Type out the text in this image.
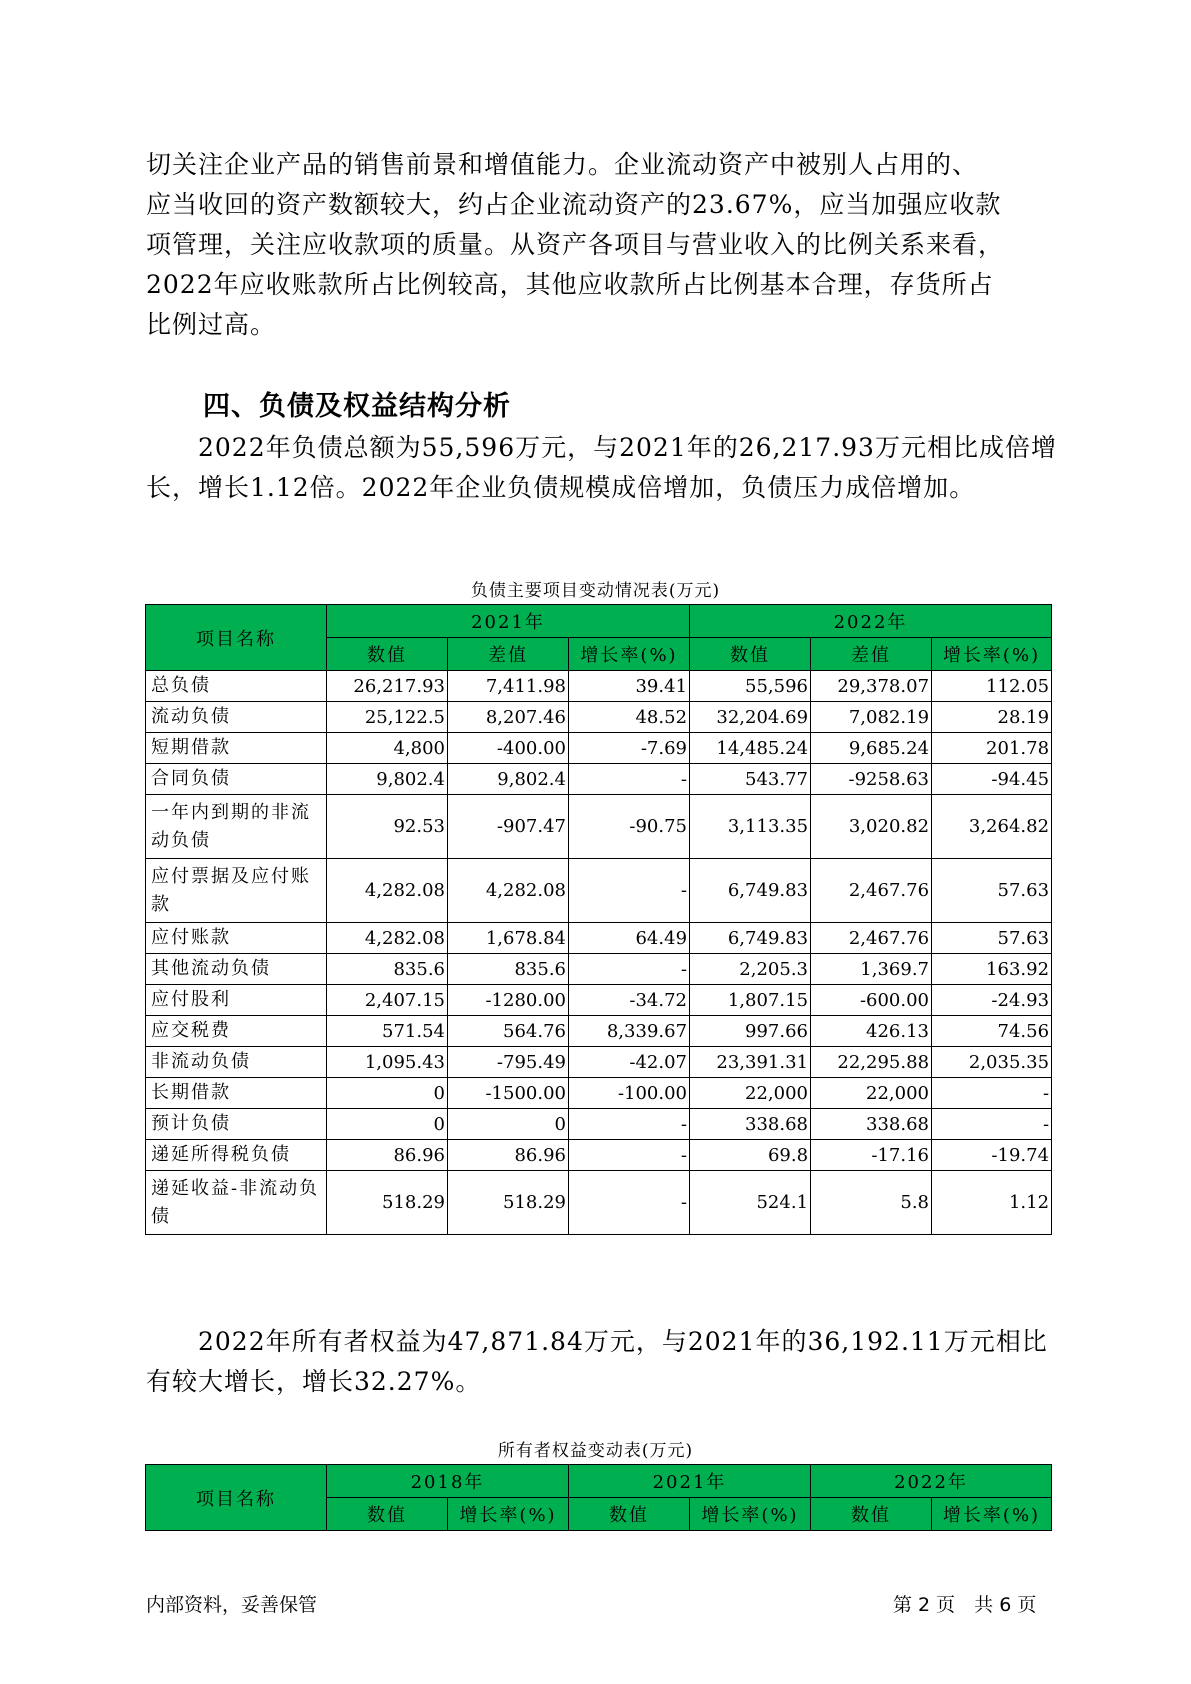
切关注企业产品的销售前景和增值能力。企业流动资产中被别人占用的、
应当收回的资产数额较大，约占企业流动资产的23.67%，应当加强应收款
项管理，关注应收款项的质量。从资产各项目与营业收入的比例关系来看，
2022年应收账款所占比例较高，其他应收款所占比例基本合理，存货所占
比例过高。
四、负债及权益结构分析
　　2022年负债总额为55,596万元，与2021年的26,217.93万元相比成倍增
长，增长1.12倍。2022年企业负债规模成倍增加，负债压力成倍增加。
负债主要项目变动情况表(万元)
项目名称	2021年			2022年		
	数值	差值	增长率(%)	数值	差值	增长率(%)
总负债	26,217.93	7,411.98	39.41	55,596	29,378.07	112.05
流动负债	25,122.5	8,207.46	48.52	32,204.69	7,082.19	28.19
短期借款	4,800	-400.00	-7.69	14,485.24	9,685.24	201.78
合同负债	9,802.4	9,802.4	-	543.77	-9258.63	-94.45
一年内到期的非流动负债	92.53	-907.47	-90.75	3,113.35	3,020.82	3,264.82
应付票据及应付账款	4,282.08	4,282.08	-	6,749.83	2,467.76	57.63
应付账款	4,282.08	1,678.84	64.49	6,749.83	2,467.76	57.63
其他流动负债	835.6	835.6	-	2,205.3	1,369.7	163.92
应付股利	2,407.15	-1280.00	-34.72	1,807.15	-600.00	-24.93
应交税费	571.54	564.76	8,339.67	997.66	426.13	74.56
非流动负债	1,095.43	-795.49	-42.07	23,391.31	22,295.88	2,035.35
长期借款	0	-1500.00	-100.00	22,000	22,000	-
预计负债	0	0	-	338.68	338.68	-
递延所得税负债	86.96	86.96	-	69.8	-17.16	-19.74
递延收益-非流动负债	518.29	518.29	-	524.1	5.8	1.12
　　2022年所有者权益为47,871.84万元，与2021年的36,192.11万元相比
有较大增长，增长32.27%。
所有者权益变动表(万元)
项目名称	2018年		2021年		2022年	
	数值	增长率(%)	数值	增长率(%)	数值	增长率(%)
内部资料，妥善保管	第 2 页　共 6 页
